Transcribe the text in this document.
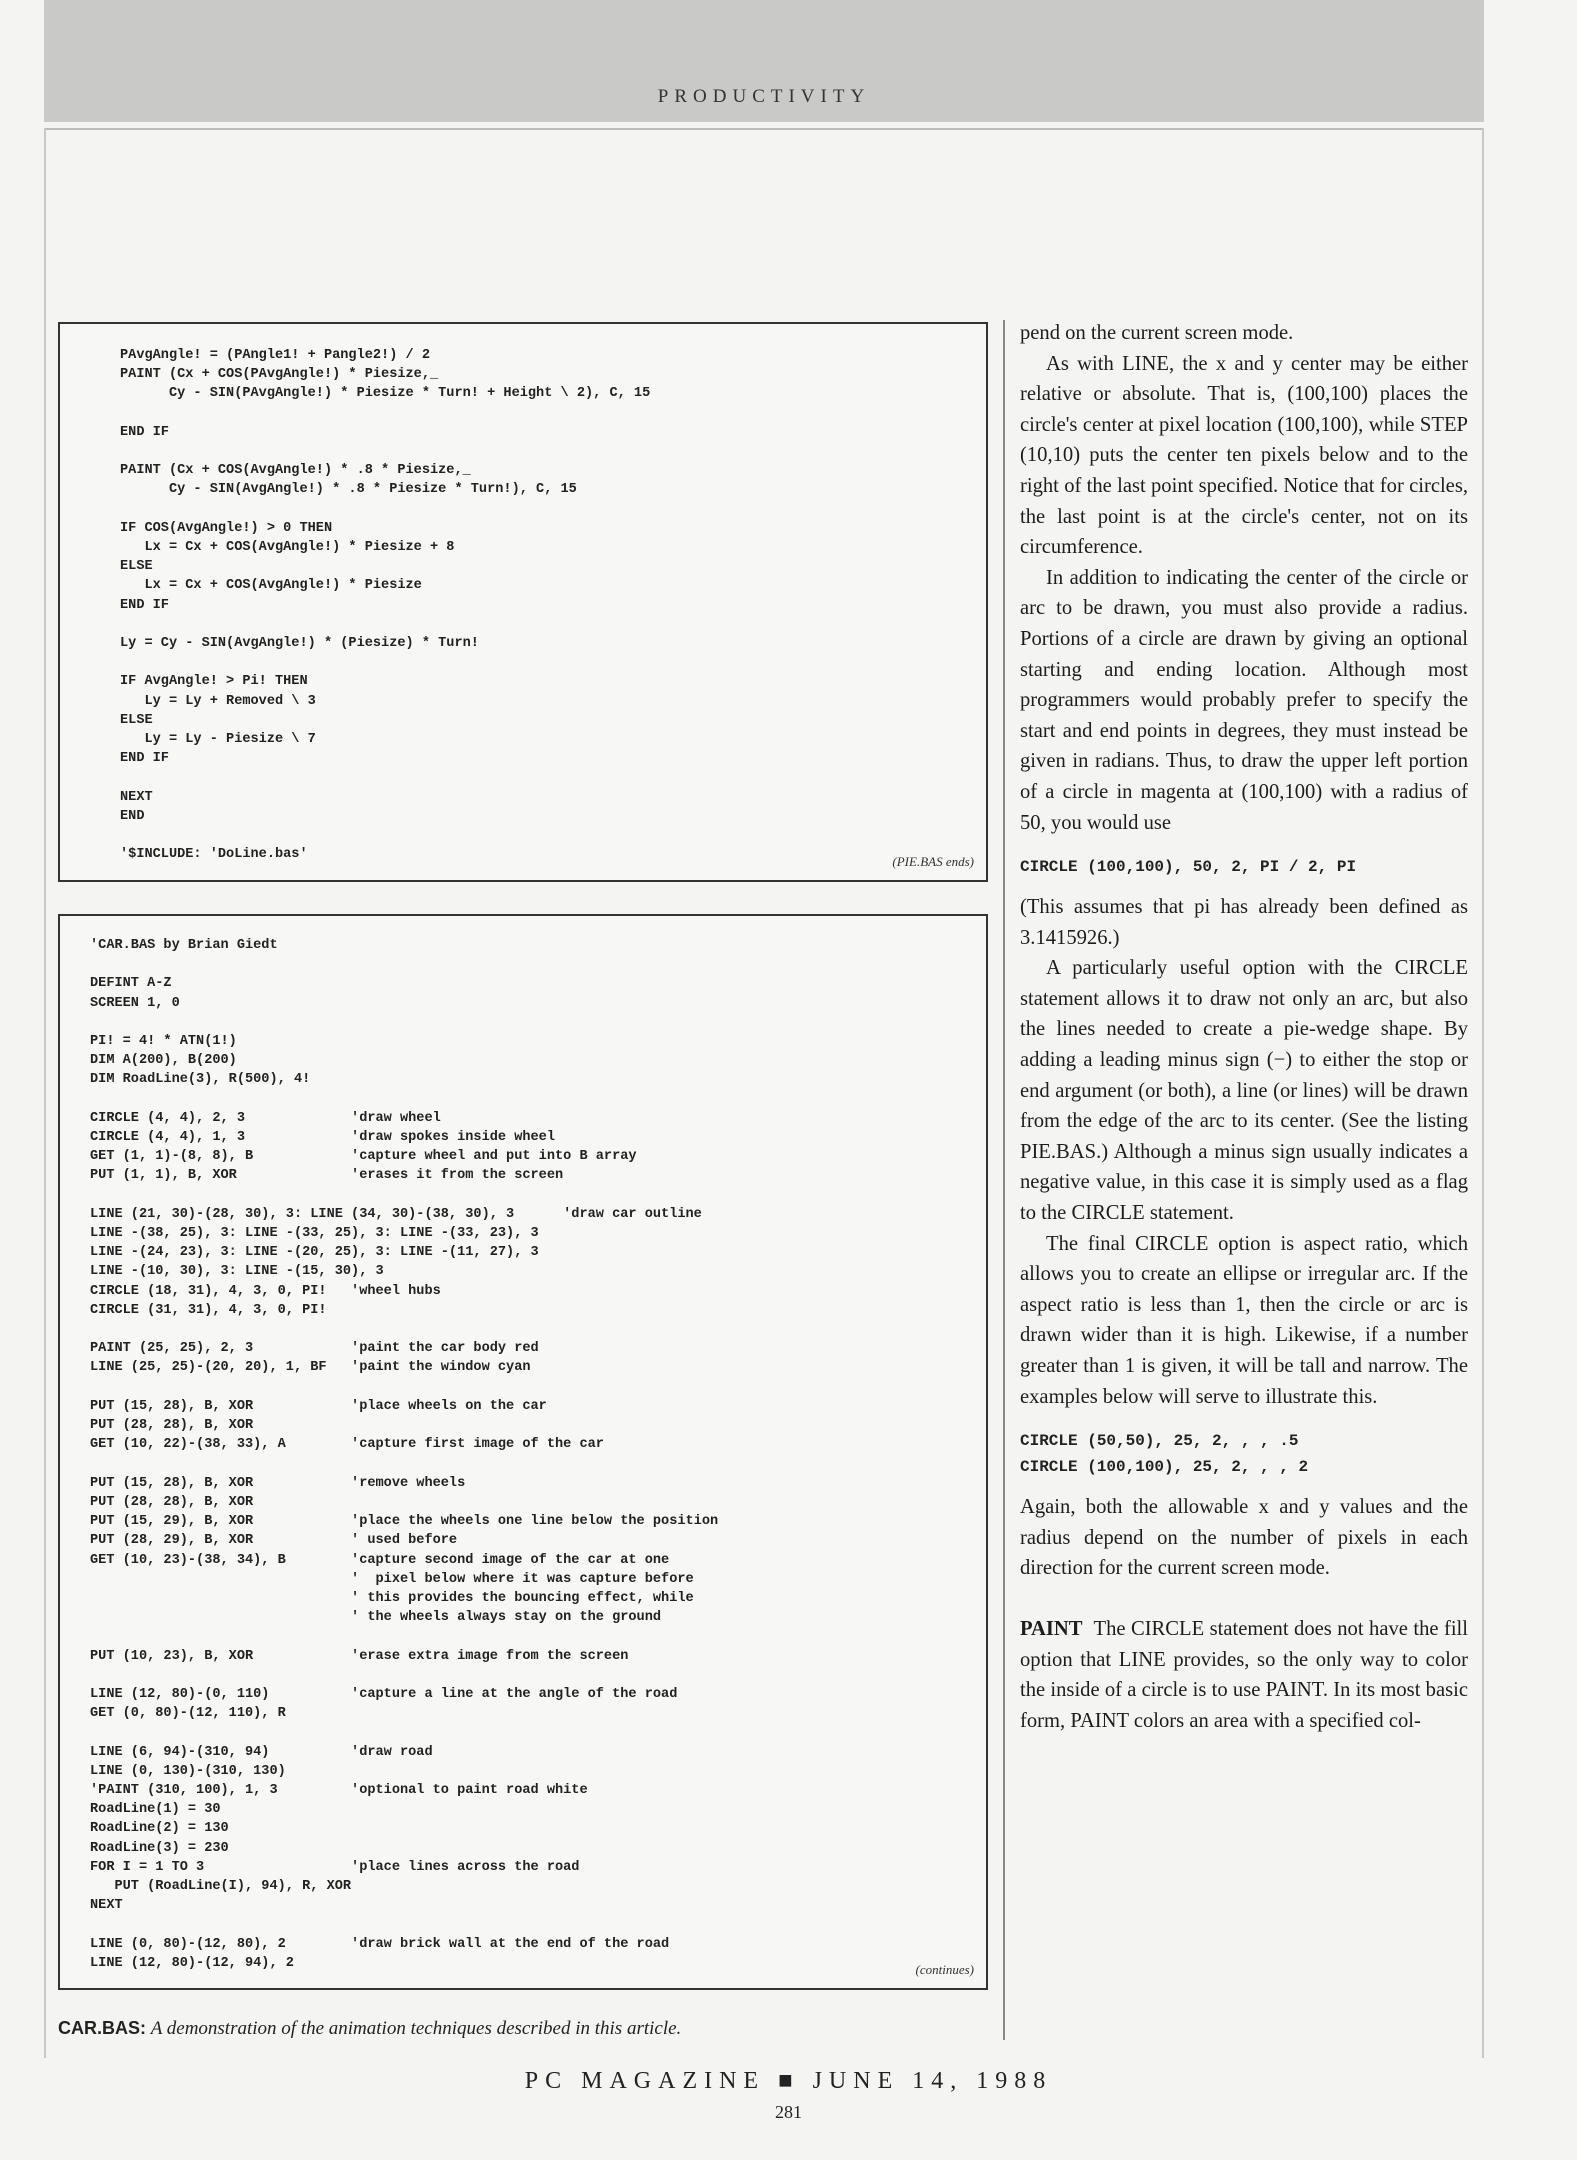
PRODUCTIVITY
PAvgAngle! = (PAngle1! + Pangle2!) / 2
PAINT (Cx + COS(PAvgAngle!) * Piesize,_
Cy - SIN(PAvgAngle!) * Piesize * Turn! + Height \ 2), C, 15

END IF

PAINT (Cx + COS(AvgAngle!) * .8 * Piesize,_
Cy - SIN(AvgAngle!) * .8 * Piesize * Turn!), C, 15

IF COS(AvgAngle!) > 0 THEN
Lx = Cx + COS(AvgAngle!) * Piesize + 8
ELSE
Lx = Cx + COS(AvgAngle!) * Piesize
END IF

Ly = Cy - SIN(AvgAngle!) * (Piesize) * Turn!

IF AvgAngle! > Pi! THEN
Ly = Ly + Removed \ 3
ELSE
Ly = Ly - Piesize \ 7
END IF

NEXT
END

'$INCLUDE: 'DoLine.bas'	(PIE.BAS ends)
'CAR.BAS by Brian Giedt

DEFINT A-Z
SCREEN 1, 0

PI! = 4! * ATN(1!)
DIM A(200), B(200)
DIM RoadLine(3), R(500), 4!

CIRCLE (4, 4), 2, 3             'draw wheel
CIRCLE (4, 4), 1, 3             'draw spokes inside wheel
GET (1, 1)-(8, 8), B            'capture wheel and put into B array
PUT (1, 1), B, XOR              'erases it from the screen

LINE (21, 30)-(28, 30), 3: LINE (34, 30)-(38, 30), 3      'draw car outline
LINE -(38, 25), 3: LINE -(33, 25), 3: LINE -(33, 23), 3
LINE -(24, 23), 3: LINE -(20, 25), 3: LINE -(11, 27), 3
LINE -(10, 30), 3: LINE -(15, 30), 3
CIRCLE (18, 31), 4, 3, 0, PI!   'wheel hubs
CIRCLE (31, 31), 4, 3, 0, PI!

PAINT (25, 25), 2, 3            'paint the car body red
LINE (25, 25)-(20, 20), 1, BF   'paint the window cyan

PUT (15, 28), B, XOR            'place wheels on the car
PUT (28, 28), B, XOR
GET (10, 22)-(38, 33), A        'capture first image of the car

PUT (15, 28), B, XOR            'remove wheels
PUT (28, 28), B, XOR
PUT (15, 29), B, XOR            'place the wheels one line below the position
PUT (28, 29), B, XOR            ' used before
GET (10, 23)-(38, 34), B        'capture second image of the car at one
'  pixel below where it was capture before
' this provides the bouncing effect, while
' the wheels always stay on the ground

PUT (10, 23), B, XOR            'erase extra image from the screen

LINE (12, 80)-(0, 110)          'capture a line at the angle of the road
GET (0, 80)-(12, 110), R

LINE (6, 94)-(310, 94)          'draw road
LINE (0, 130)-(310, 130)
'PAINT (310, 100), 1, 3         'optional to paint road white
RoadLine(1) = 30
RoadLine(2) = 130
RoadLine(3) = 230
FOR I = 1 TO 3                  'place lines across the road
PUT (RoadLine(I), 94), R, XOR
NEXT

LINE (0, 80)-(12, 80), 2        'draw brick wall at the end of the road
LINE (12, 80)-(12, 94), 2	(continues)
CAR.BAS: A demonstration of the animation techniques described in this article.

pend on the current screen mode.

As with LINE, the x and y center may be either relative or absolute. That is, (100,100) places the circle's center at pixel location (100,100), while STEP (10,10) puts the center ten pixels below and to the right of the last point specified. Notice that for circles, the last point is at the circle's center, not on its circumference.

In addition to indicating the center of the circle or arc to be drawn, you must also provide a radius. Portions of a circle are drawn by giving an optional starting and ending location. Although most programmers would probably prefer to specify the start and end points in degrees, they must instead be given in radians. Thus, to draw the upper left portion of a circle in magenta at (100,100) with a radius of 50, you would use

CIRCLE (100,100), 50, 2, PI / 2, PI

(This assumes that pi has already been defined as 3.1415926.)

A particularly useful option with the CIRCLE statement allows it to draw not only an arc, but also the lines needed to create a pie-wedge shape. By adding a leading minus sign (−) to either the stop or end argument (or both), a line (or lines) will be drawn from the edge of the arc to its center. (See the listing PIE.BAS.) Although a minus sign usually indicates a negative value, in this case it is simply used as a flag to the CIRCLE statement.

The final CIRCLE option is aspect ratio, which allows you to create an ellipse or irregular arc. If the aspect ratio is less than 1, then the circle or arc is drawn wider than it is high. Likewise, if a number greater than 1 is given, it will be tall and narrow. The examples below will serve to illustrate this.

CIRCLE (50,50), 25, 2, , , .5
CIRCLE (100,100), 25, 2, , , 2

Again, both the allowable x and y values and the radius depend on the number of pixels in each direction for the current screen mode.

PAINT The CIRCLE statement does not have the fill option that LINE provides, so the only way to color the inside of a circle is to use PAINT. In its most basic form, PAINT colors an area with a specified col-

PC MAGAZINE ■ JUNE 14, 1988
281
